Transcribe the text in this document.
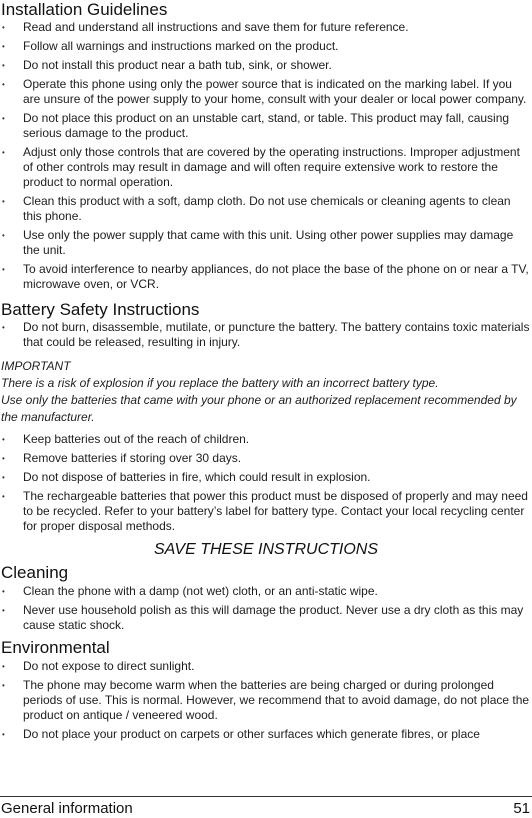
Installation Guidelines
• Read and understand all instructions and save them for future reference.
• Follow all warnings and instructions marked on the product.
• Do not install this product near a bath tub, sink, or shower.
• Operate this phone using only the power source that is indicated on the marking label. If you are unsure of the power supply to your home, consult with your dealer or local power company.
• Do not place this product on an unstable cart, stand, or table. This product may fall, causing serious damage to the product.
• Adjust only those controls that are covered by the operating instructions. Improper adjustment of other controls may result in damage and will often require extensive work to restore the product to normal operation.
• Clean this product with a soft, damp cloth. Do not use chemicals or cleaning agents to clean this phone.
• Use only the power supply that came with this unit. Using other power supplies may damage the unit.
• To avoid interference to nearby appliances, do not place the base of the phone on or near a TV, microwave oven, or VCR.
Battery Safety Instructions
• Do not burn, disassemble, mutilate, or puncture the battery. The battery contains toxic materials that could be released, resulting in injury.
IMPORTANT
There is a risk of explosion if you replace the battery with an incorrect battery type.
Use only the batteries that came with your phone or an authorized replacement recommended by the manufacturer.
• Keep batteries out of the reach of children.
• Remove batteries if storing over 30 days.
• Do not dispose of batteries in fire, which could result in explosion.
• The rechargeable batteries that power this product must be disposed of properly and may need to be recycled. Refer to your battery’s label for battery type. Contact your local recycling center for proper disposal methods.
SAVE THESE INSTRUCTIONS
Cleaning
• Clean the phone with a damp (not wet) cloth, or an anti-static wipe.
• Never use household polish as this will damage the product. Never use a dry cloth as this may cause static shock.
Environmental
• Do not expose to direct sunlight.
• The phone may become warm when the batteries are being charged or during prolonged periods of use. This is normal. However, we recommend that to avoid damage, do not place the product on antique / veneered wood.
• Do not place your product on carpets or other surfaces which generate fibres, or place
General information	51
